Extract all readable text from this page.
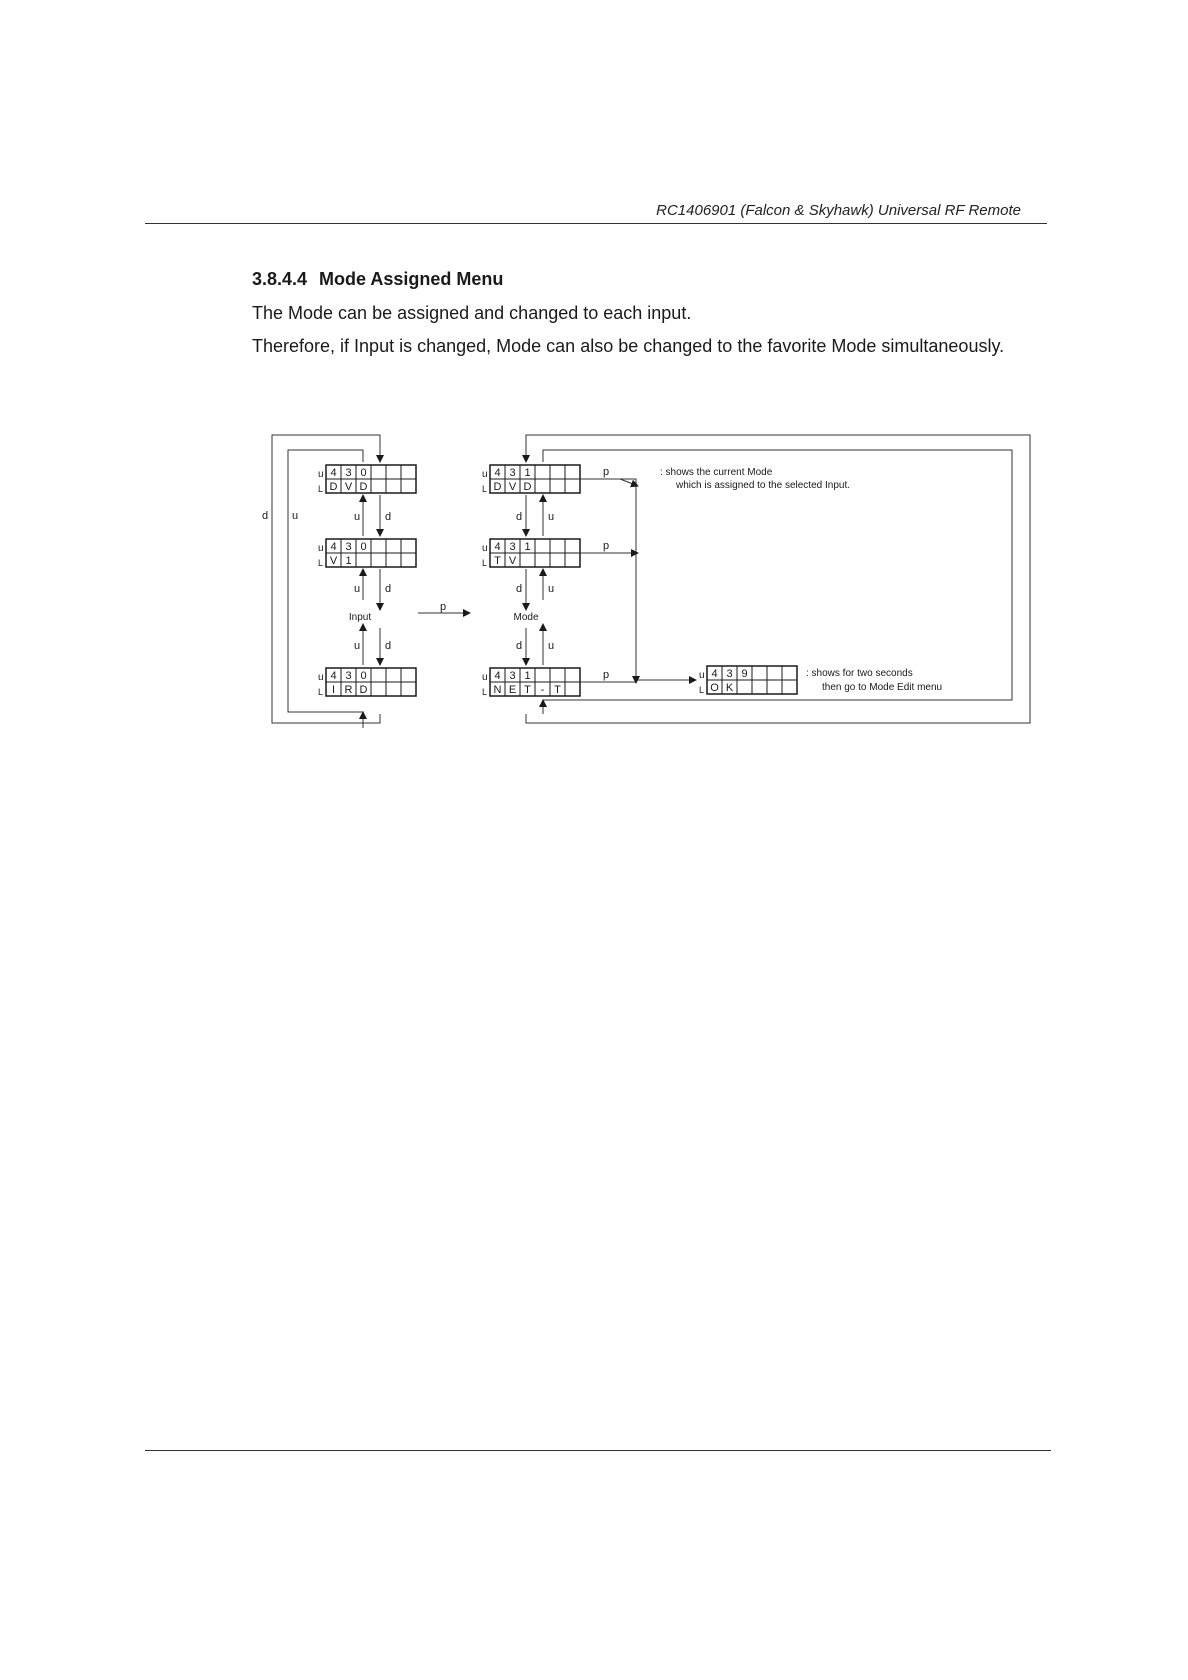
RC1406901 (Falcon & Skyhawk) Universal RF Remote
3.8.4.4 Mode Assigned Menu
The Mode can be assigned and changed to each input.
Therefore, if Input is changed, Mode can also be changed to the favorite Mode simultaneously.
d u
u
L
4 3 0
D V D
u
L
4 3 0
V 1
u
L
4 3 0
I R D
u
L
4 3 1
D V D
u
L
4 3 1
T V
u
L
4 3 1
N E T - T
u
L
4 3 9
O K
u d
u d
u d
d u
d u
d u
Input	Mode
p
p
p
p
: shows the current Mode
which is assigned to the selected Input.
: shows for two seconds
then go to Mode Edit menu
